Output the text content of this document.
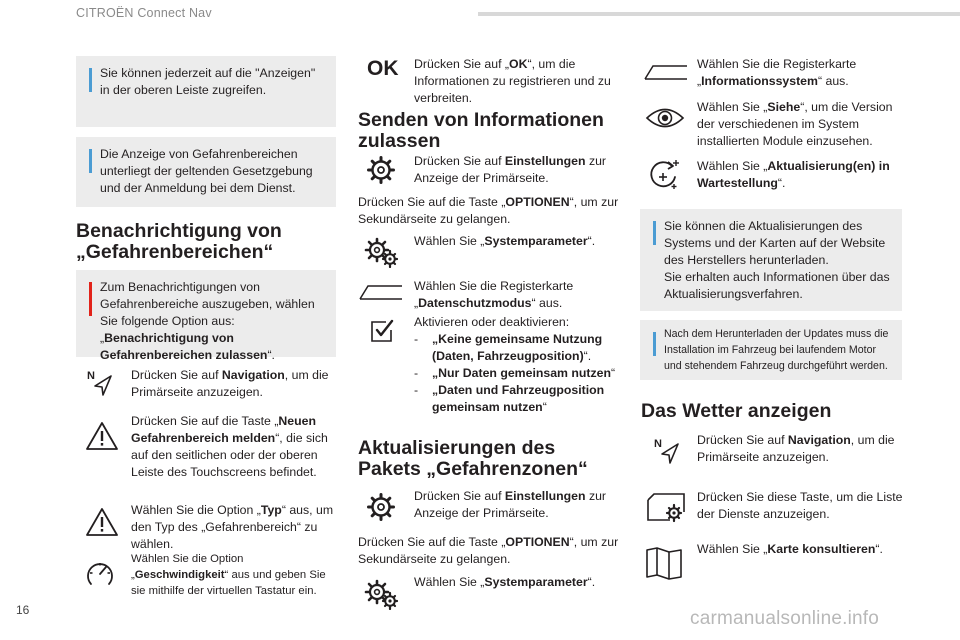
CITROËN Connect Nav
Sie können jederzeit auf die "Anzeigen" in der oberen Leiste zugreifen.
Die Anzeige von Gefahrenbereichen unterliegt der geltenden Gesetzgebung und der Anmeldung bei dem Dienst.
Benachrichtigung von
„Gefahrenbereichen“
Zum Benachrichtigungen von Gefahrenbereiche auszugeben, wählen Sie folgende Option aus: „Benachrichtigung von Gefahrenbereichen zulassen“.
N	Drücken Sie auf Navigation, um die Primärseite anzuzeigen.
Drücken Sie auf die Taste „Neuen Gefahrenbereich melden“, die sich auf den seitlichen oder der oberen Leiste des Touchscreens befindet.
Wählen Sie die Option „Typ“ aus, um den Typ des „Gefahrenbereich“ zu wählen.
Wählen Sie die Option „Geschwindigkeit“ aus und geben Sie sie mithilfe der virtuellen Tastatur ein.
OK Drücken Sie auf „OK“, um die Informationen zu registrieren und zu verbreiten.
Senden von Informationen
zulassen
Drücken Sie auf Einstellungen zur Anzeige der Primärseite.
Drücken Sie auf die Taste „OPTIONEN“, um zur Sekundärseite zu gelangen.
Wählen Sie „Systemparameter“.
Wählen Sie die Registerkarte „Datenschutzmodus“ aus.
Aktivieren oder deaktivieren:
- „Keine gemeinsame Nutzung (Daten, Fahrzeugposition)“.
- „Nur Daten gemeinsam nutzen“
- „Daten und Fahrzeugposition gemeinsam nutzen“
Aktualisierungen des
Pakets „Gefahrenzonen“
Drücken Sie auf Einstellungen zur Anzeige der Primärseite.
Drücken Sie auf die Taste „OPTIONEN“, um zur Sekundärseite zu gelangen.
Wählen Sie „Systemparameter“.
Wählen Sie die Registerkarte „Informationssystem“ aus.
Wählen Sie „Siehe“, um die Version der verschiedenen im System installierten Module einzusehen.
Wählen Sie „Aktualisierung(en) in Wartestellung“.
Sie können die Aktualisierungen des Systems und der Karten auf der Website des Herstellers herunterladen.
Sie erhalten auch Informationen über das Aktualisierungsverfahren.
Nach dem Herunterladen der Updates muss die Installation im Fahrzeug bei laufendem Motor und stehendem Fahrzeug durchgeführt werden.
Das Wetter anzeigen
N	Drücken Sie auf Navigation, um die Primärseite anzuzeigen.
Drücken Sie diese Taste, um die Liste der Dienste anzuzeigen.
Wählen Sie „Karte konsultieren“.
16	carmanualsonline.info
